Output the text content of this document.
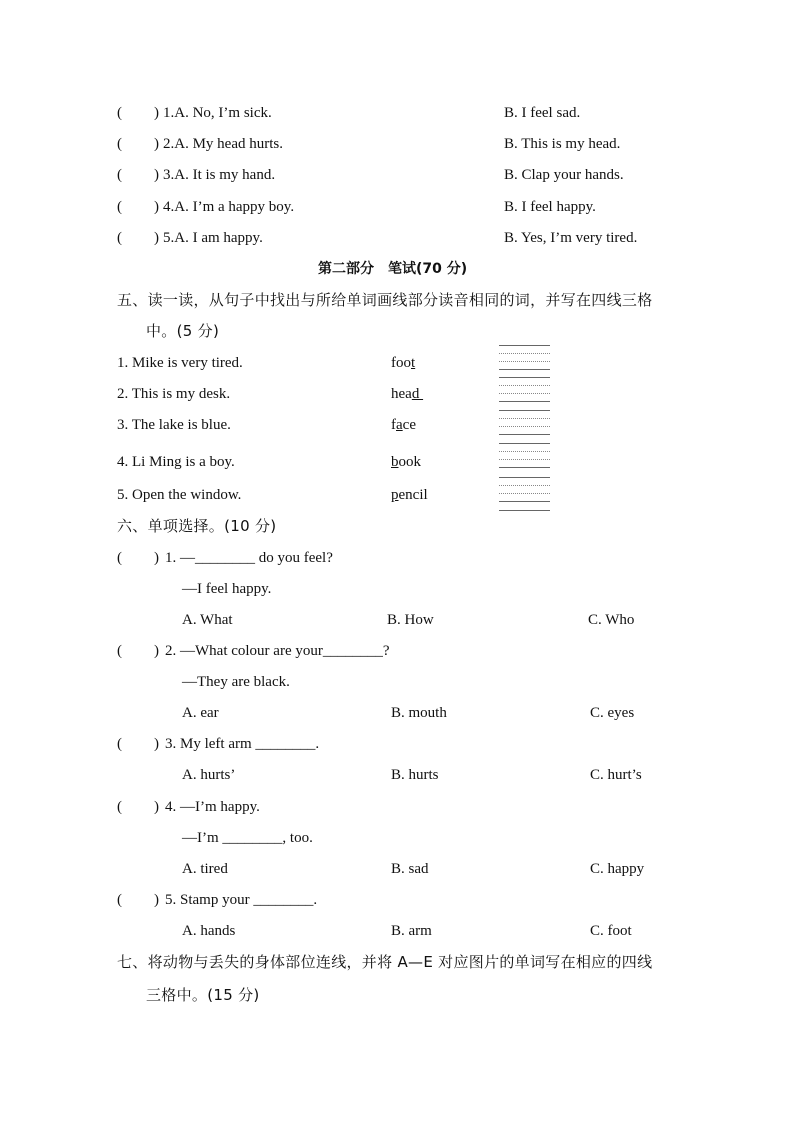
( ) 1.A. No, I’m sick.	B. I feel sad.
( ) 2.A. My head hurts.	B. This is my head.
( ) 3.A. It is my hand.	B. Clap your hands.
( ) 4.A. I’m a happy boy.	B. I feel happy.
( ) 5.A. I am happy.	B. Yes, I’m very tired.
第二部分　笔试(70 分)
五、读一读，从句子中找出与所给单词画线部分读音相同的词，并写在四线三格
中。(5 分)
1. Mike is very tired.	foot
2. This is my desk.	head
3. The lake is blue.	face
4. Li Ming is a boy.	book
5. Open the window.	pencil
六、单项选择。(10 分)
( ) 1. —________ do you feel?
—I feel happy.
A. What	B. How	C. Who
( ) 2. —What colour are your________?
—They are black.
A. ear	B. mouth	C. eyes
( ) 3. My left arm ________.
A. hurts’	B. hurts	C. hurt’s
( ) 4. —I’m happy.
—I’m ________, too.
A. tired	B. sad	C. happy
( ) 5. Stamp your ________.
A. hands	B. arm	C. foot
七、将动物与丢失的身体部位连线，并将 A—E 对应图片的单词写在相应的四线
三格中。(15 分)
